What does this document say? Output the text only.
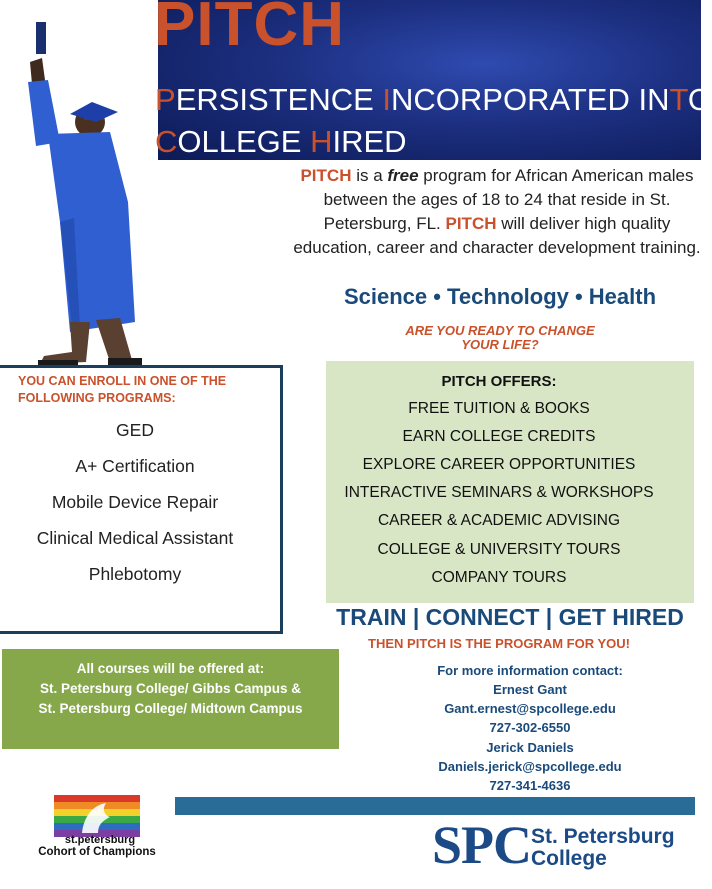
PITCH
PERSISTENCE INCORPORATED INTO
COLLEGE HIRED
PITCH is a free program for African American males between the ages of 18 to 24 that reside in St. Petersburg, FL. PITCH will deliver high quality education, career and character development training.
Science • Technology • Health
ARE YOU READY TO CHANGE YOUR LIFE?
YOU CAN ENROLL IN ONE OF THE FOLLOWING PROGRAMS:
GED
A+ Certification
Mobile Device Repair
Clinical Medical Assistant
Phlebotomy
PITCH OFFERS:
FREE TUITION & BOOKS
EARN COLLEGE CREDITS
EXPLORE CAREER OPPORTUNITIES
INTERACTIVE SEMINARS & WORKSHOPS
CAREER & ACADEMIC ADVISING
COLLEGE & UNIVERSITY TOURS
COMPANY TOURS
TRAIN | CONNECT | GET HIRED
THEN PITCH IS THE PROGRAM FOR YOU!
All courses will be offered at:
St. Petersburg College/ Gibbs Campus &
St. Petersburg College/ Midtown Campus
For more information contact:
Ernest Gant
Gant.ernest@spcollege.edu
727-302-6550
Jerick Daniels
Daniels.jerick@spcollege.edu
727-341-4636
st.petersburg
Cohort of Champions	SPC St. Petersburg
College
